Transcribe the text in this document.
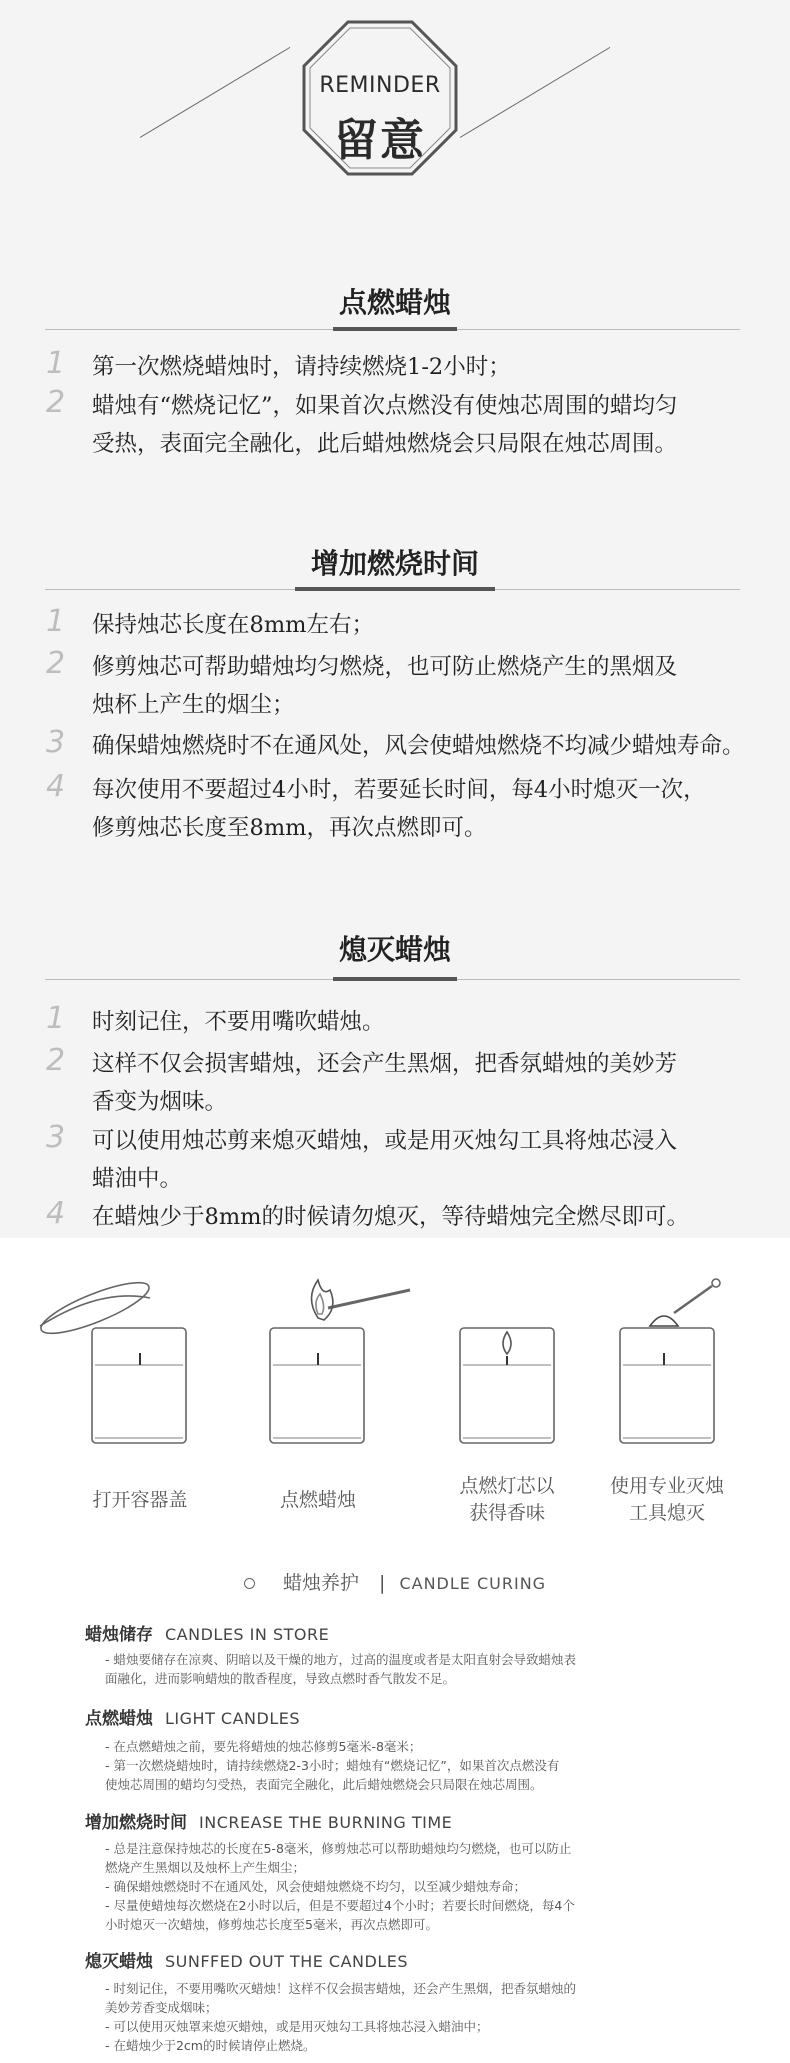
REMINDER
留意
点燃蜡烛
1 第一次燃烧蜡烛时，请持续燃烧1-2小时；
2 蜡烛有“燃烧记忆”，如果首次点燃没有使烛芯周围的蜡均匀
受热，表面完全融化，此后蜡烛燃烧会只局限在烛芯周围。
增加燃烧时间
1 保持烛芯长度在8mm左右；
2 修剪烛芯可帮助蜡烛均匀燃烧，也可防止燃烧产生的黑烟及
烛杯上产生的烟尘；
3 确保蜡烛燃烧时不在通风处，风会使蜡烛燃烧不均减少蜡烛寿命。
4 每次使用不要超过4小时，若要延长时间，每4小时熄灭一次，
修剪烛芯长度至8mm，再次点燃即可。
熄灭蜡烛
1 时刻记住，不要用嘴吹蜡烛。
2 这样不仅会损害蜡烛，还会产生黑烟，把香氛蜡烛的美妙芳
香变为烟味。
3 可以使用烛芯剪来熄灭蜡烛，或是用灭烛勾工具将烛芯浸入
蜡油中。
4 在蜡烛少于8mm的时候请勿熄灭，等待蜡烛完全燃尽即可。
打开容器盖	点燃蜡烛
点燃灯芯以
获得香味
使用专业灭烛
工具熄灭
蜡烛养护 | CANDLE CURING
蜡烛储存 CANDLES IN STORE
- 蜡烛要储存在凉爽、阴暗以及干燥的地方，过高的温度或者是太阳直射会导致蜡烛表
面融化，进而影响蜡烛的散香程度，导致点燃时香气散发不足。
点燃蜡烛 LIGHT CANDLES
- 在点燃蜡烛之前，要先将蜡烛的烛芯修剪5毫米-8毫米；
- 第一次燃烧蜡烛时，请持续燃烧2-3小时；蜡烛有“燃烧记忆”，如果首次点燃没有
使烛芯周围的蜡均匀受热，表面完全融化，此后蜡烛燃烧会只局限在烛芯周围。
增加燃烧时间 INCREASE THE BURNING TIME
- 总是注意保持烛芯的长度在5-8毫米，修剪烛芯可以帮助蜡烛均匀燃烧，也可以防止
燃烧产生黑烟以及烛杯上产生烟尘；
- 确保蜡烛燃烧时不在通风处，风会使蜡烛燃烧不均匀，以至减少蜡烛寿命；
- 尽量使蜡烛每次燃烧在2小时以后，但是不要超过4个小时；若要长时间燃烧，每4个
小时熄灭一次蜡烛，修剪烛芯长度至5毫米，再次点燃即可。
熄灭蜡烛 SUNFFED OUT THE CANDLES
- 时刻记住，不要用嘴吹灭蜡烛！这样不仅会损害蜡烛，还会产生黑烟，把香氛蜡烛的
美妙芳香变成烟味；
- 可以使用灭烛罩来熄灭蜡烛，或是用灭烛勾工具将烛芯浸入蜡油中；
- 在蜡烛少于2cm的时候请停止燃烧。
